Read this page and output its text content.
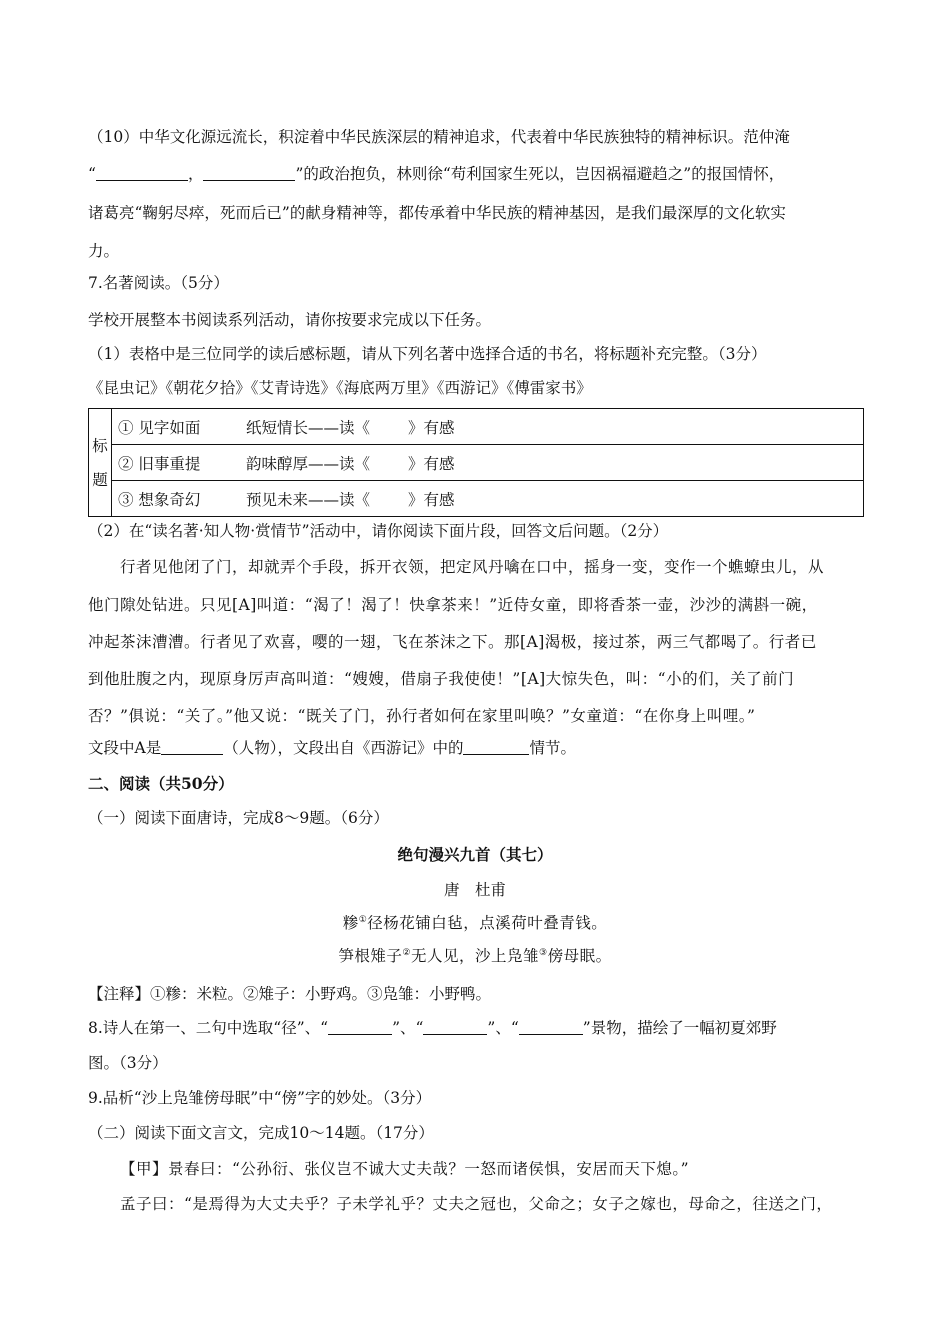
（10）中华文化源远流长，积淀着中华民族深层的精神追求，代表着中华民族独特的精神标识。范仲淹
“	，	”的政治抱负，林则徐“苟利国家生死以，岂因祸福避趋之”的报国情怀，
诸葛亮“鞠躬尽瘁，死而后已”的献身精神等，都传承着中华民族的精神基因，是我们最深厚的文化软实
力。
7.名著阅读。（5分）
学校开展整本书阅读系列活动，请你按要求完成以下任务。
（1）表格中是三位同学的读后感标题，请从下列名著中选择合适的书名，将标题补充完整。（3分）
《昆虫记》《朝花夕拾》《艾青诗选》《海底两万里》《西游记》《傅雷家书》
标
题
	① 见字如面	纸短情长——读《 》有感
② 旧事重提	韵味醇厚——读《 》有感
③ 想象奇幻	预见未来——读《 》有感
（2）在“读名著·知人物·赏情节”活动中，请你阅读下面片段，回答文后问题。（2分）
行者见他闭了门，却就弄个手段，拆开衣领，把定风丹噙在口中，摇身一变，变作一个蟭蟟虫儿，从
他门隙处钻进。只见[A]叫道：“渴了！渴了！快拿茶来！”近侍女童，即将香茶一壶，沙沙的满斟一碗，
冲起茶沫漕漕。行者见了欢喜，嘤的一翅，飞在茶沫之下。那[A]渴极，接过茶，两三气都喝了。行者已
到他肚腹之内，现原身厉声高叫道：“嫂嫂，借扇子我使使！”[A]大惊失色，叫：“小的们，关了前门
否？”俱说：“关了。”他又说：“既关了门，孙行者如何在家里叫唤？”女童道：“在你身上叫哩。”
文段中A是	（人物），文段出自《西游记》中的	情节。
二、阅读（共50分）
（一）阅读下面唐诗，完成8～9题。（6分）
绝句漫兴九首（其七）
唐　杜甫
糁①径杨花铺白毡，点溪荷叶叠青钱。
笋根雉子②无人见，沙上凫雏③傍母眠。
【注释】①糁：米粒。②雉子：小野鸡。③凫雏：小野鸭。
8.诗人在第一、二句中选取“径”、“	”、“	”、“	”景物，描绘了一幅初夏郊野
图。（3分）
9.品析“沙上凫雏傍母眠”中“傍”字的妙处。（3分）
（二）阅读下面文言文，完成10～14题。（17分）
【甲】景春曰：“公孙衍、张仪岂不诚大丈夫哉？一怒而诸侯惧，安居而天下熄。”
孟子曰：“是焉得为大丈夫乎？子未学礼乎？丈夫之冠也，父命之；女子之嫁也，母命之，往送之门，
